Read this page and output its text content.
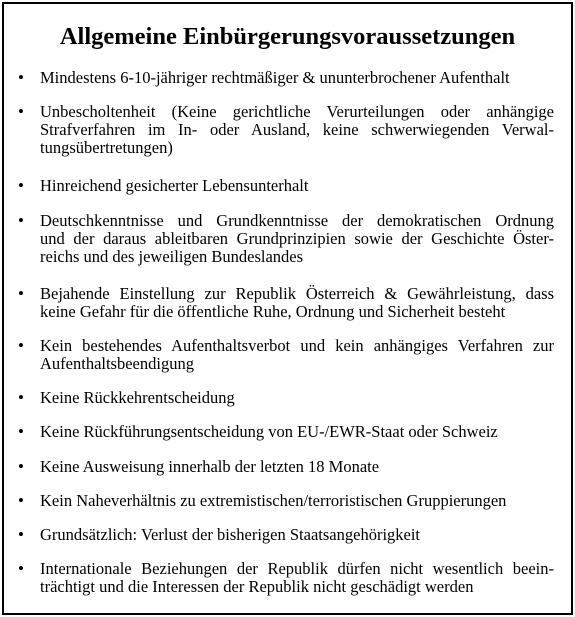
Allgemeine Einbürgerungsvoraussetzungen
• Mindestens 6-10-jähriger rechtmäßiger & ununterbrochener Aufenthalt
• Unbescholtenheit (Keine gerichtliche Verurteilungen oder anhängige
Strafverfahren im In- oder Ausland, keine schwerwiegenden Verwal-
tungsübertretungen)
• Hinreichend gesicherter Lebensunterhalt
• Deutschkenntnisse und Grundkenntnisse der demokratischen Ordnung
und der daraus ableitbaren Grundprinzipien sowie der Geschichte Öster-
reichs und des jeweiligen Bundeslandes
• Bejahende Einstellung zur Republik Österreich & Gewährleistung, dass
keine Gefahr für die öffentliche Ruhe, Ordnung und Sicherheit besteht
• Kein bestehendes Aufenthaltsverbot und kein anhängiges Verfahren zur
Aufenthaltsbeendigung
• Keine Rückkehrentscheidung
• Keine Rückführungsentscheidung von EU-/EWR-Staat oder Schweiz
• Keine Ausweisung innerhalb der letzten 18 Monate
• Kein Naheverhältnis zu extremistischen/terroristischen Gruppierungen
• Grundsätzlich: Verlust der bisherigen Staatsangehörigkeit
• Internationale Beziehungen der Republik dürfen nicht wesentlich beein-
trächtigt und die Interessen der Republik nicht geschädigt werden
